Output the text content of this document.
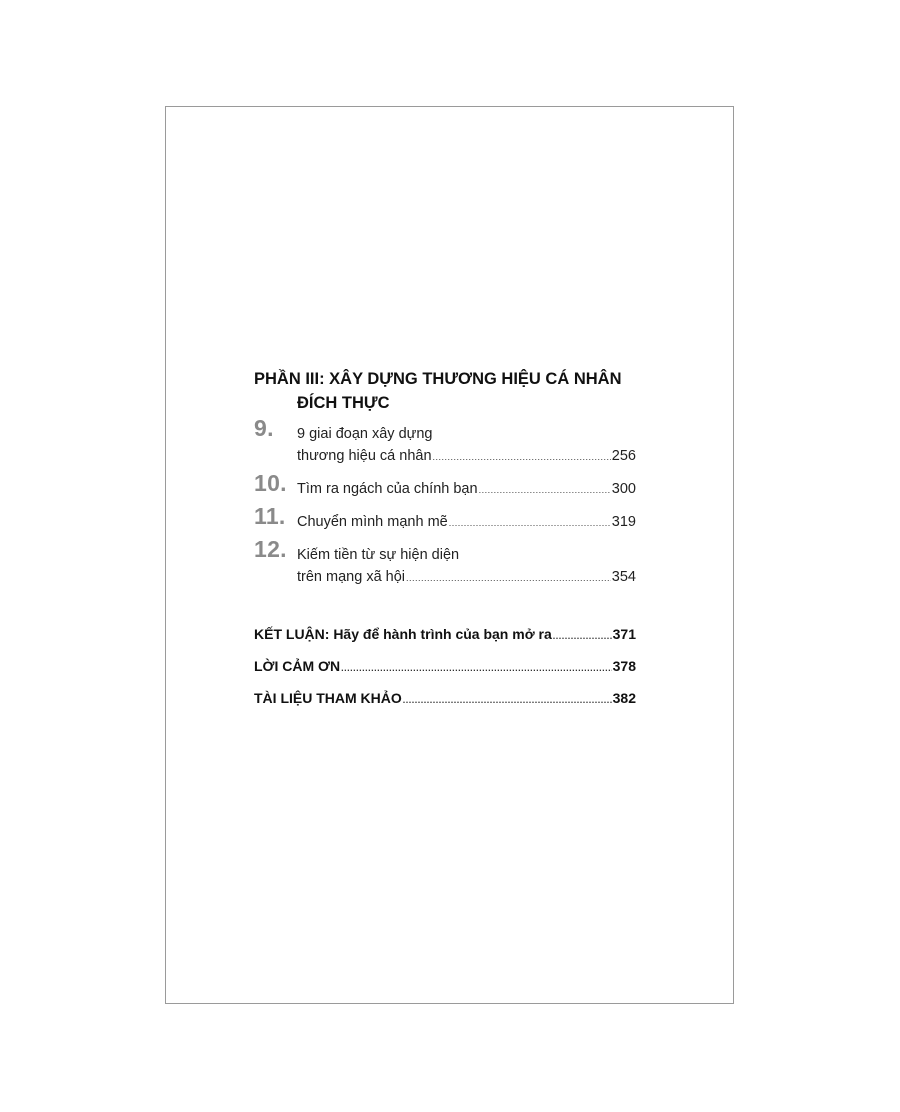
PHẦN III: XÂY DỰNG THƯƠNG HIỆU CÁ NHÂN
ĐÍCH THỰC
9. 9 giai đoạn xây dựng
thương hiệu cá nhân .....	256
10. Tìm ra ngách của chính bạn .....	300
11. Chuyển mình mạnh mẽ .....	319
12. Kiếm tiền từ sự hiện diện
trên mạng xã hội .....	354
KẾT LUẬN: Hãy để hành trình của bạn mở ra .....	371
LỜI CẢM ƠN .....	378
TÀI LIỆU THAM KHẢO .....	382
